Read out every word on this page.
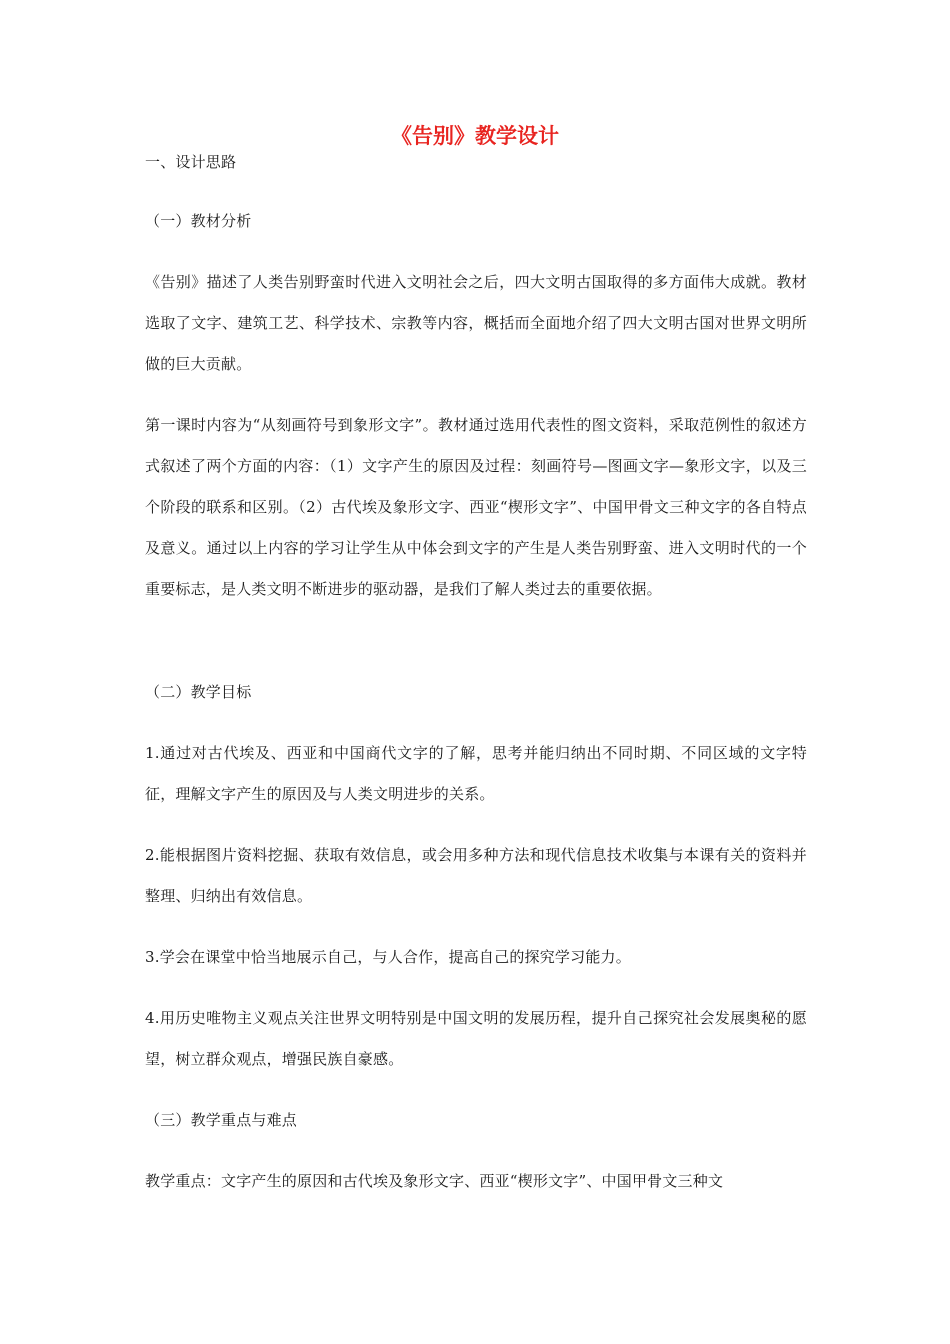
《告别》教学设计

一、设计思路

（一）教材分析

《告别》描述了人类告别野蛮时代进入文明社会之后，四大文明古国取得的多方面伟大成就。教材选取了文字、建筑工艺、科学技术、宗教等内容，概括而全面地介绍了四大文明古国对世界文明所做的巨大贡献。

第一课时内容为“从刻画符号到象形文字”。教材通过选用代表性的图文资料，采取范例性的叙述方式叙述了两个方面的内容：（1）文字产生的原因及过程：刻画符号—图画文字—象形文字，以及三个阶段的联系和区别。（2）古代埃及象形文字、西亚“楔形文字”、中国甲骨文三种文字的各自特点及意义。通过以上内容的学习让学生从中体会到文字的产生是人类告别野蛮、进入文明时代的一个重要标志，是人类文明不断进步的驱动器，是我们了解人类过去的重要依据。

（二）教学目标

1.通过对古代埃及、西亚和中国商代文字的了解，思考并能归纳出不同时期、不同区域的文字特征，理解文字产生的原因及与人类文明进步的关系。

2.能根据图片资料挖掘、获取有效信息，或会用多种方法和现代信息技术收集与本课有关的资料并整理、归纳出有效信息。

3.学会在课堂中恰当地展示自己，与人合作，提高自己的探究学习能力。

4.用历史唯物主义观点关注世界文明特别是中国文明的发展历程，提升自己探究社会发展奥秘的愿望，树立群众观点，增强民族自豪感。

（三）教学重点与难点

教学重点：文字产生的原因和古代埃及象形文字、西亚“楔形文字”、中国甲骨文三种文
